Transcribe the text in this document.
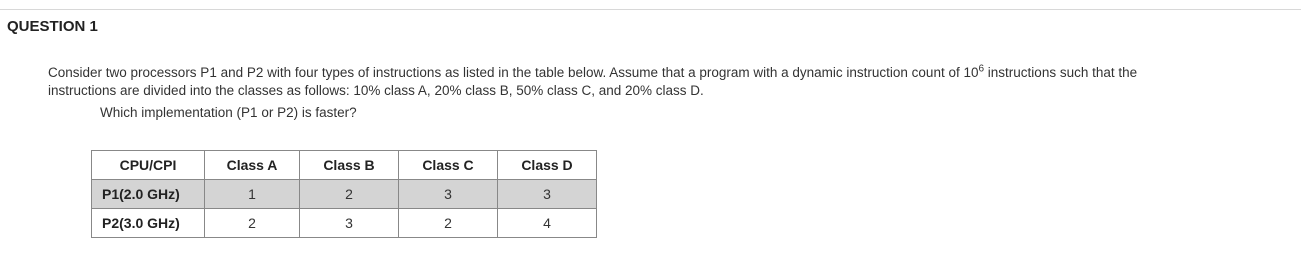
QUESTION 1
Consider two processors P1 and P2 with four types of instructions as listed in the table below. Assume that a program with a dynamic instruction count of $10^6$ instructions such that the
instructions are divided into the classes as follows: 10% class A, 20% class B, 50% class C, and 20% class D.
Which implementation (P1 or P2) is faster?
CPU/CPI	Class A	Class B	Class C	Class D
P1(2.0 GHz)	1	2	3	3
P2(3.0 GHz)	2	3	2	4
